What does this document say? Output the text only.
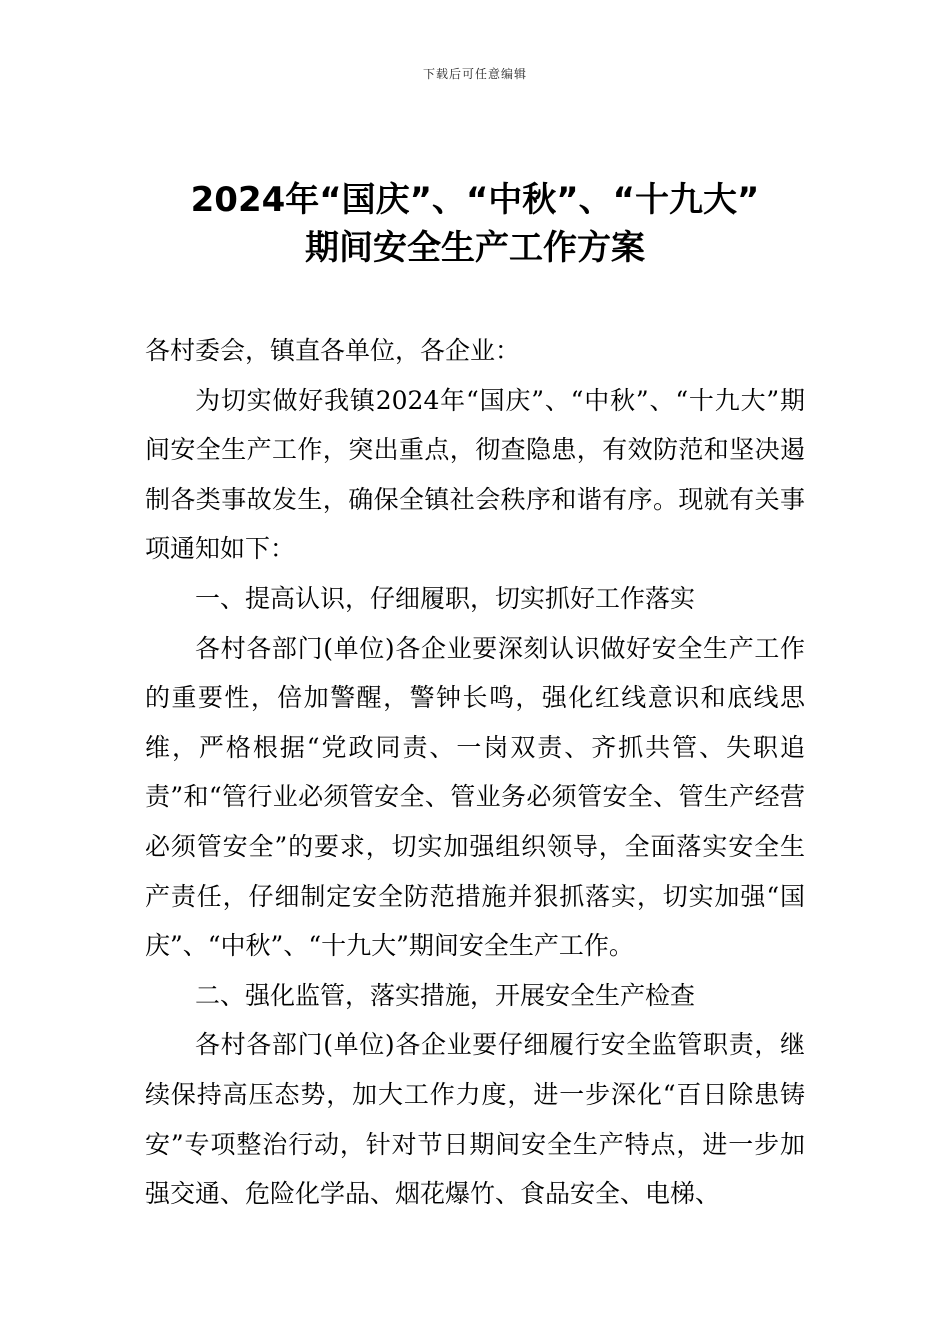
下载后可任意编辑
2024年“国庆”、“中秋”、“十九大”
期间安全生产工作方案

各村委会，镇直各单位，各企业：

为切实做好我镇2024年“国庆”、“中秋”、“十九大”期间安全生产工作，突出重点，彻查隐患，有效防范和坚决遏制各类事故发生，确保全镇社会秩序和谐有序。现就有关事项通知如下：

一、提高认识，仔细履职，切实抓好工作落实

各村各部门(单位)各企业要深刻认识做好安全生产工作的重要性，倍加警醒，警钟长鸣，强化红线意识和底线思维，严格根据“党政同责、一岗双责、齐抓共管、失职追责”和“管行业必须管安全、管业务必须管安全、管生产经营必须管安全”的要求，切实加强组织领导，全面落实安全生产责任，仔细制定安全防范措施并狠抓落实，切实加强“国庆”、“中秋”、“十九大”期间安全生产工作。

二、强化监管，落实措施，开展安全生产检查

各村各部门(单位)各企业要仔细履行安全监管职责，继续保持高压态势，加大工作力度，进一步深化“百日除患铸安”专项整治行动，针对节日期间安全生产特点，进一步加强交通、危险化学品、烟花爆竹、食品安全、电梯、
